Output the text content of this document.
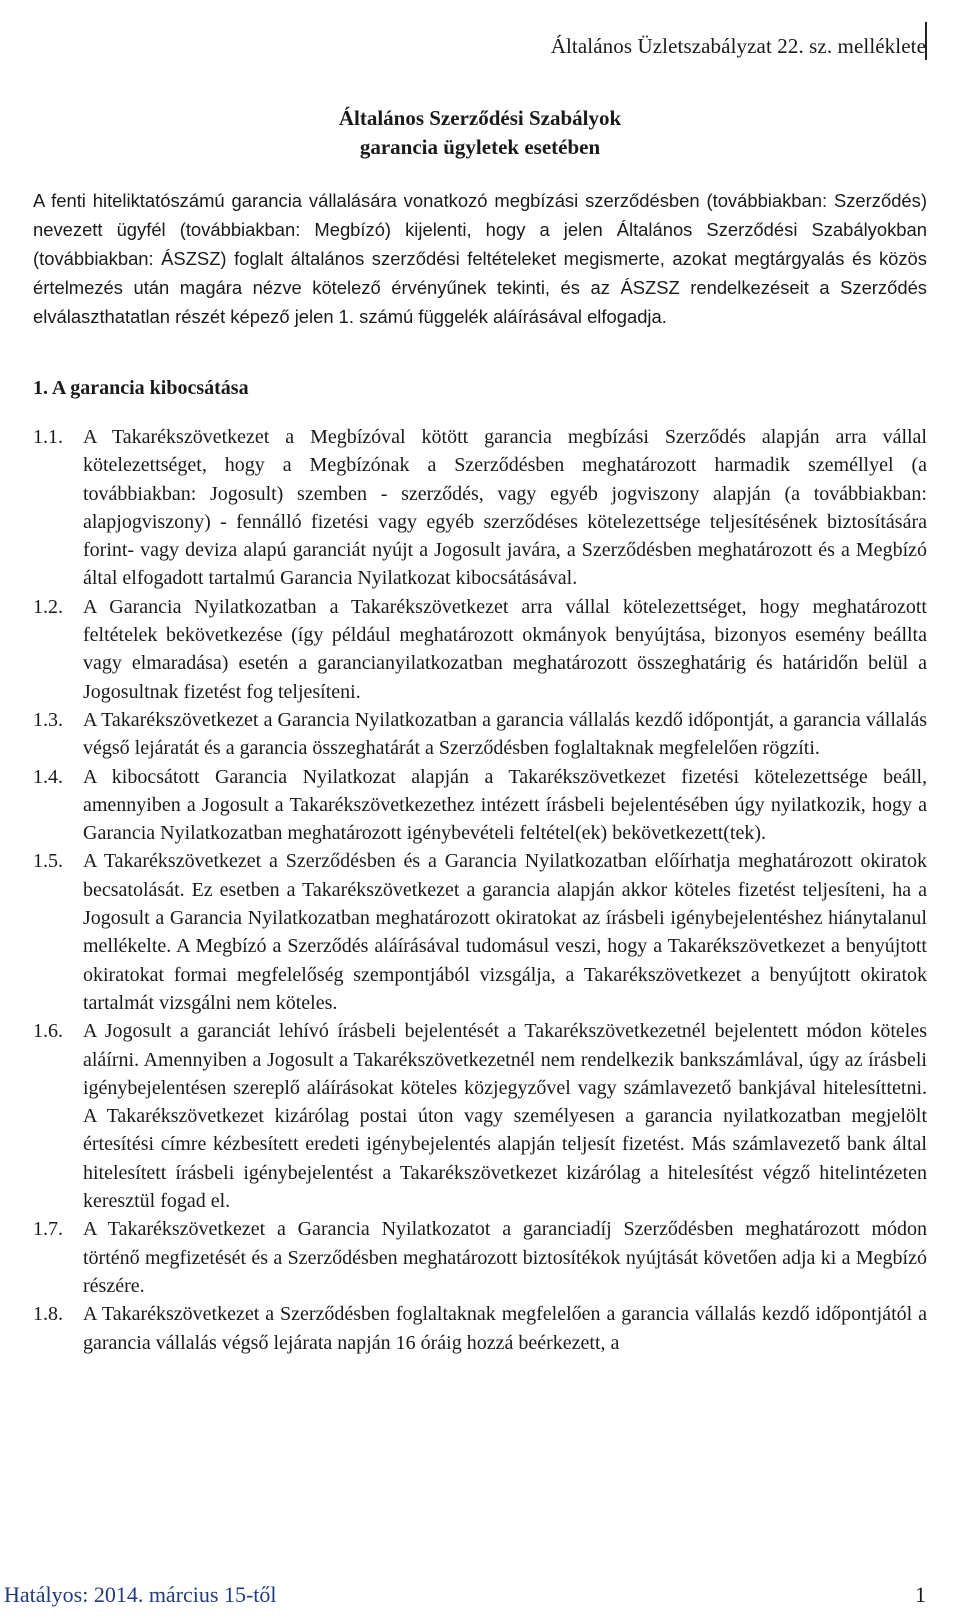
Általános Üzletszabályzat 22. sz. melléklete
Általános Szerződési Szabályok
garancia ügyletek esetében
A fenti hiteliktatószámú garancia vállalására vonatkozó megbízási szerződésben (továbbiakban: Szerződés) nevezett ügyfél (továbbiakban: Megbízó) kijelenti, hogy a jelen Általános Szerződési Szabályokban (továbbiakban: ÁSZSZ) foglalt általános szerződési feltételeket megismerte, azokat megtárgyalás és közös értelmezés után magára nézve kötelező érvényűnek tekinti, és az ÁSZSZ rendelkezéseit a Szerződés elválaszthatatlan részét képező jelen 1. számú függelék aláírásával elfogadja.
1. A garancia kibocsátása
1.1.	A Takarékszövetkezet a Megbízóval kötött garancia megbízási Szerződés alapján arra vállal kötelezettséget, hogy a Megbízónak a Szerződésben meghatározott harmadik személlyel (a továbbiakban: Jogosult) szemben - szerződés, vagy egyéb jogviszony alapján (a továbbiakban: alapjogviszony) - fennálló fizetési vagy egyéb szerződéses kötelezettsége teljesítésének biztosítására forint- vagy deviza alapú garanciát nyújt a Jogosult javára, a Szerződésben meghatározott és a Megbízó által elfogadott tartalmú Garancia Nyilatkozat kibocsátásával.
1.2.	A Garancia Nyilatkozatban a Takarékszövetkezet arra vállal kötelezettséget, hogy meghatározott feltételek bekövetkezése (így például meghatározott okmányok benyújtása, bizonyos esemény beállta vagy elmaradása) esetén a garancianyilatkozatban meghatározott összeghatárig és határidőn belül a Jogosultnak fizetést fog teljesíteni.
1.3.	A Takarékszövetkezet a Garancia Nyilatkozatban a garancia vállalás kezdő időpontját, a garancia vállalás végső lejáratát és a garancia összeghatárát a Szerződésben foglaltaknak megfelelően rögzíti.
1.4.	A kibocsátott Garancia Nyilatkozat alapján a Takarékszövetkezet fizetési kötelezettsége beáll, amennyiben a Jogosult a Takarékszövetkezethez intézett írásbeli bejelentésében úgy nyilatkozik, hogy a Garancia Nyilatkozatban meghatározott igénybevételi feltétel(ek) bekövetkezett(tek).
1.5.	A Takarékszövetkezet a Szerződésben és a Garancia Nyilatkozatban előírhatja meghatározott okiratok becsatolását. Ez esetben a Takarékszövetkezet a garancia alapján akkor köteles fizetést teljesíteni, ha a Jogosult a Garancia Nyilatkozatban meghatározott okiratokat az írásbeli igénybejelentéshez hiánytalanul mellékelte. A Megbízó a Szerződés aláírásával tudomásul veszi, hogy a Takarékszövetkezet a benyújtott okiratokat formai megfelelőség szempontjából vizsgálja, a Takarékszövetkezet a benyújtott okiratok tartalmát vizsgálni nem köteles.
1.6.	A Jogosult a garanciát lehívó írásbeli bejelentését a Takarékszövetkezetnél bejelentett módon köteles aláírni. Amennyiben a Jogosult a Takarékszövetkezetnél nem rendelkezik bankszámlával, úgy az írásbeli igénybejelentésen szereplő aláírásokat köteles közjegyzővel vagy számlavezető bankjával hitelesíttetni. A Takarékszövetkezet kizárólag postai úton vagy személyesen a garancia nyilatkozatban megjelölt értesítési címre kézbesített eredeti igénybejelentés alapján teljesít fizetést. Más számlavezető bank által hitelesített írásbeli igénybejelentést a Takarékszövetkezet kizárólag a hitelesítést végző hitelintézeten keresztül fogad el.
1.7.	A Takarékszövetkezet a Garancia Nyilatkozatot a garanciadíj Szerződésben meghatározott módon történő megfizetését és a Szerződésben meghatározott biztosítékok nyújtását követően adja ki a Megbízó részére.
1.8.	A Takarékszövetkezet a Szerződésben foglaltaknak megfelelően a garancia vállalás kezdő időpontjától a garancia vállalás végső lejárata napján 16 óráig hozzá beérkezett, a
Hatályos: 2014. március 15-től	1
